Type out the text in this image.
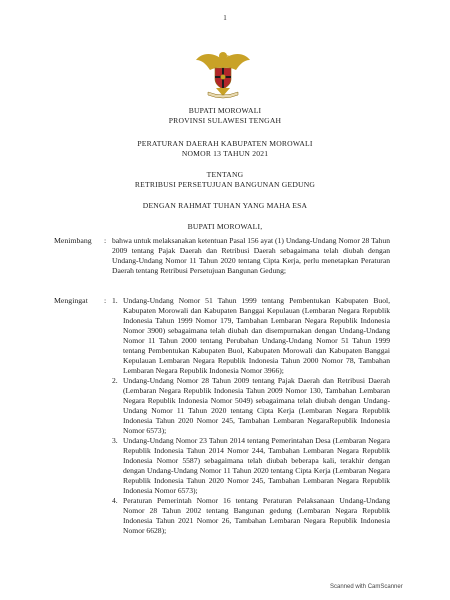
1
BUPATI MOROWALI
PROVINSI SULAWESI TENGAH
PERATURAN DAERAH KABUPATEN MOROWALI
NOMOR 13 TAHUN 2021
TENTANG
RETRIBUSI PERSETUJUAN BANGUNAN GEDUNG
DENGAN RAHMAT TUHAN YANG MAHA ESA
BUPATI MOROWALI,
Menimbang : bahwa untuk melaksanakan ketentuan Pasal 156 ayat (1) Undang-Undang Nomor 28 Tahun 2009 tentang Pajak Daerah dan Retribusi Daerah sebagaimana telah diubah dengan Undang-Undang Nomor 11 Tahun 2020 tentang Cipta Kerja, perlu menetapkan Peraturan Daerah tentang Retribusi Persetujuan Bangunan Gedung;
Mengingat : 1. Undang-Undang Nomor 51 Tahun 1999 tentang Pembentukan Kabupaten Buol, Kabupaten Morowali dan Kabupaten Banggai Kepulauan (Lembaran Negara Republik Indonesia Tahun 1999 Nomor 179, Tambahan Lembaran Negara Republik Indonesia Nomor 3900) sebagaimana telah diubah dan disempurnakan dengan Undang-Undang Nomor 11 Tahun 2000 tentang Perubahan Undang-Undang Nomor 51 Tahun 1999 tentang Pembentukan Kabupaten Buol, Kabupaten Morowali dan Kabupaten Banggai Kepulauan Lembaran Negara Republik Indonesia Tahun 2000 Nomor 78, Tambahan Lembaran Negara Republik Indonesia Nomor 3966);
2. Undang-Undang Nomor 28 Tahun 2009 tentang Pajak Daerah dan Retribusi Daerah (Lembaran Negara Republik Indonesia Tahun 2009 Nomor 130, Tambahan Lembaran Negara Republik Indonesia Nomor 5049) sebagaimana telah diubah dengan Undang-Undang Nomor 11 Tahun 2020 tentang Cipta Kerja (Lembaran Negara Republik Indonesia Tahun 2020 Nomor 245, Tambahan Lembaran NegaraRepublik Indonesia Nomor 6573);
3. Undang-Undang Nomor 23 Tahun 2014 tentang Pemerintahan Desa (Lembaran Negara Republik Indonesia Tahun 2014 Nomor 244, Tambahan Lembaran Negara Republik Indonesia Nomor 5587) sebagaimana telah diubah beberapa kali, terakhir dengan dengan Undang-Undang Nomor 11 Tahun 2020 tentang Cipta Kerja (Lembaran Negara Republik Indonesia Tahun 2020 Nomor 245, Tambahan Lembaran Negara Republik Indonesia Nomor 6573);
4. Peraturan Pemerintah Nomor 16 tentang Peraturan Pelaksanaan Undang-Undang Nomor 28 Tahun 2002 tentang Bangunan gedung (Lembaran Negara Republik Indonesia Tahun 2021 Nomor 26, Tambahan Lembaran Negara Republik Indonesia Nomor 6628);
Scanned with CamScanner
